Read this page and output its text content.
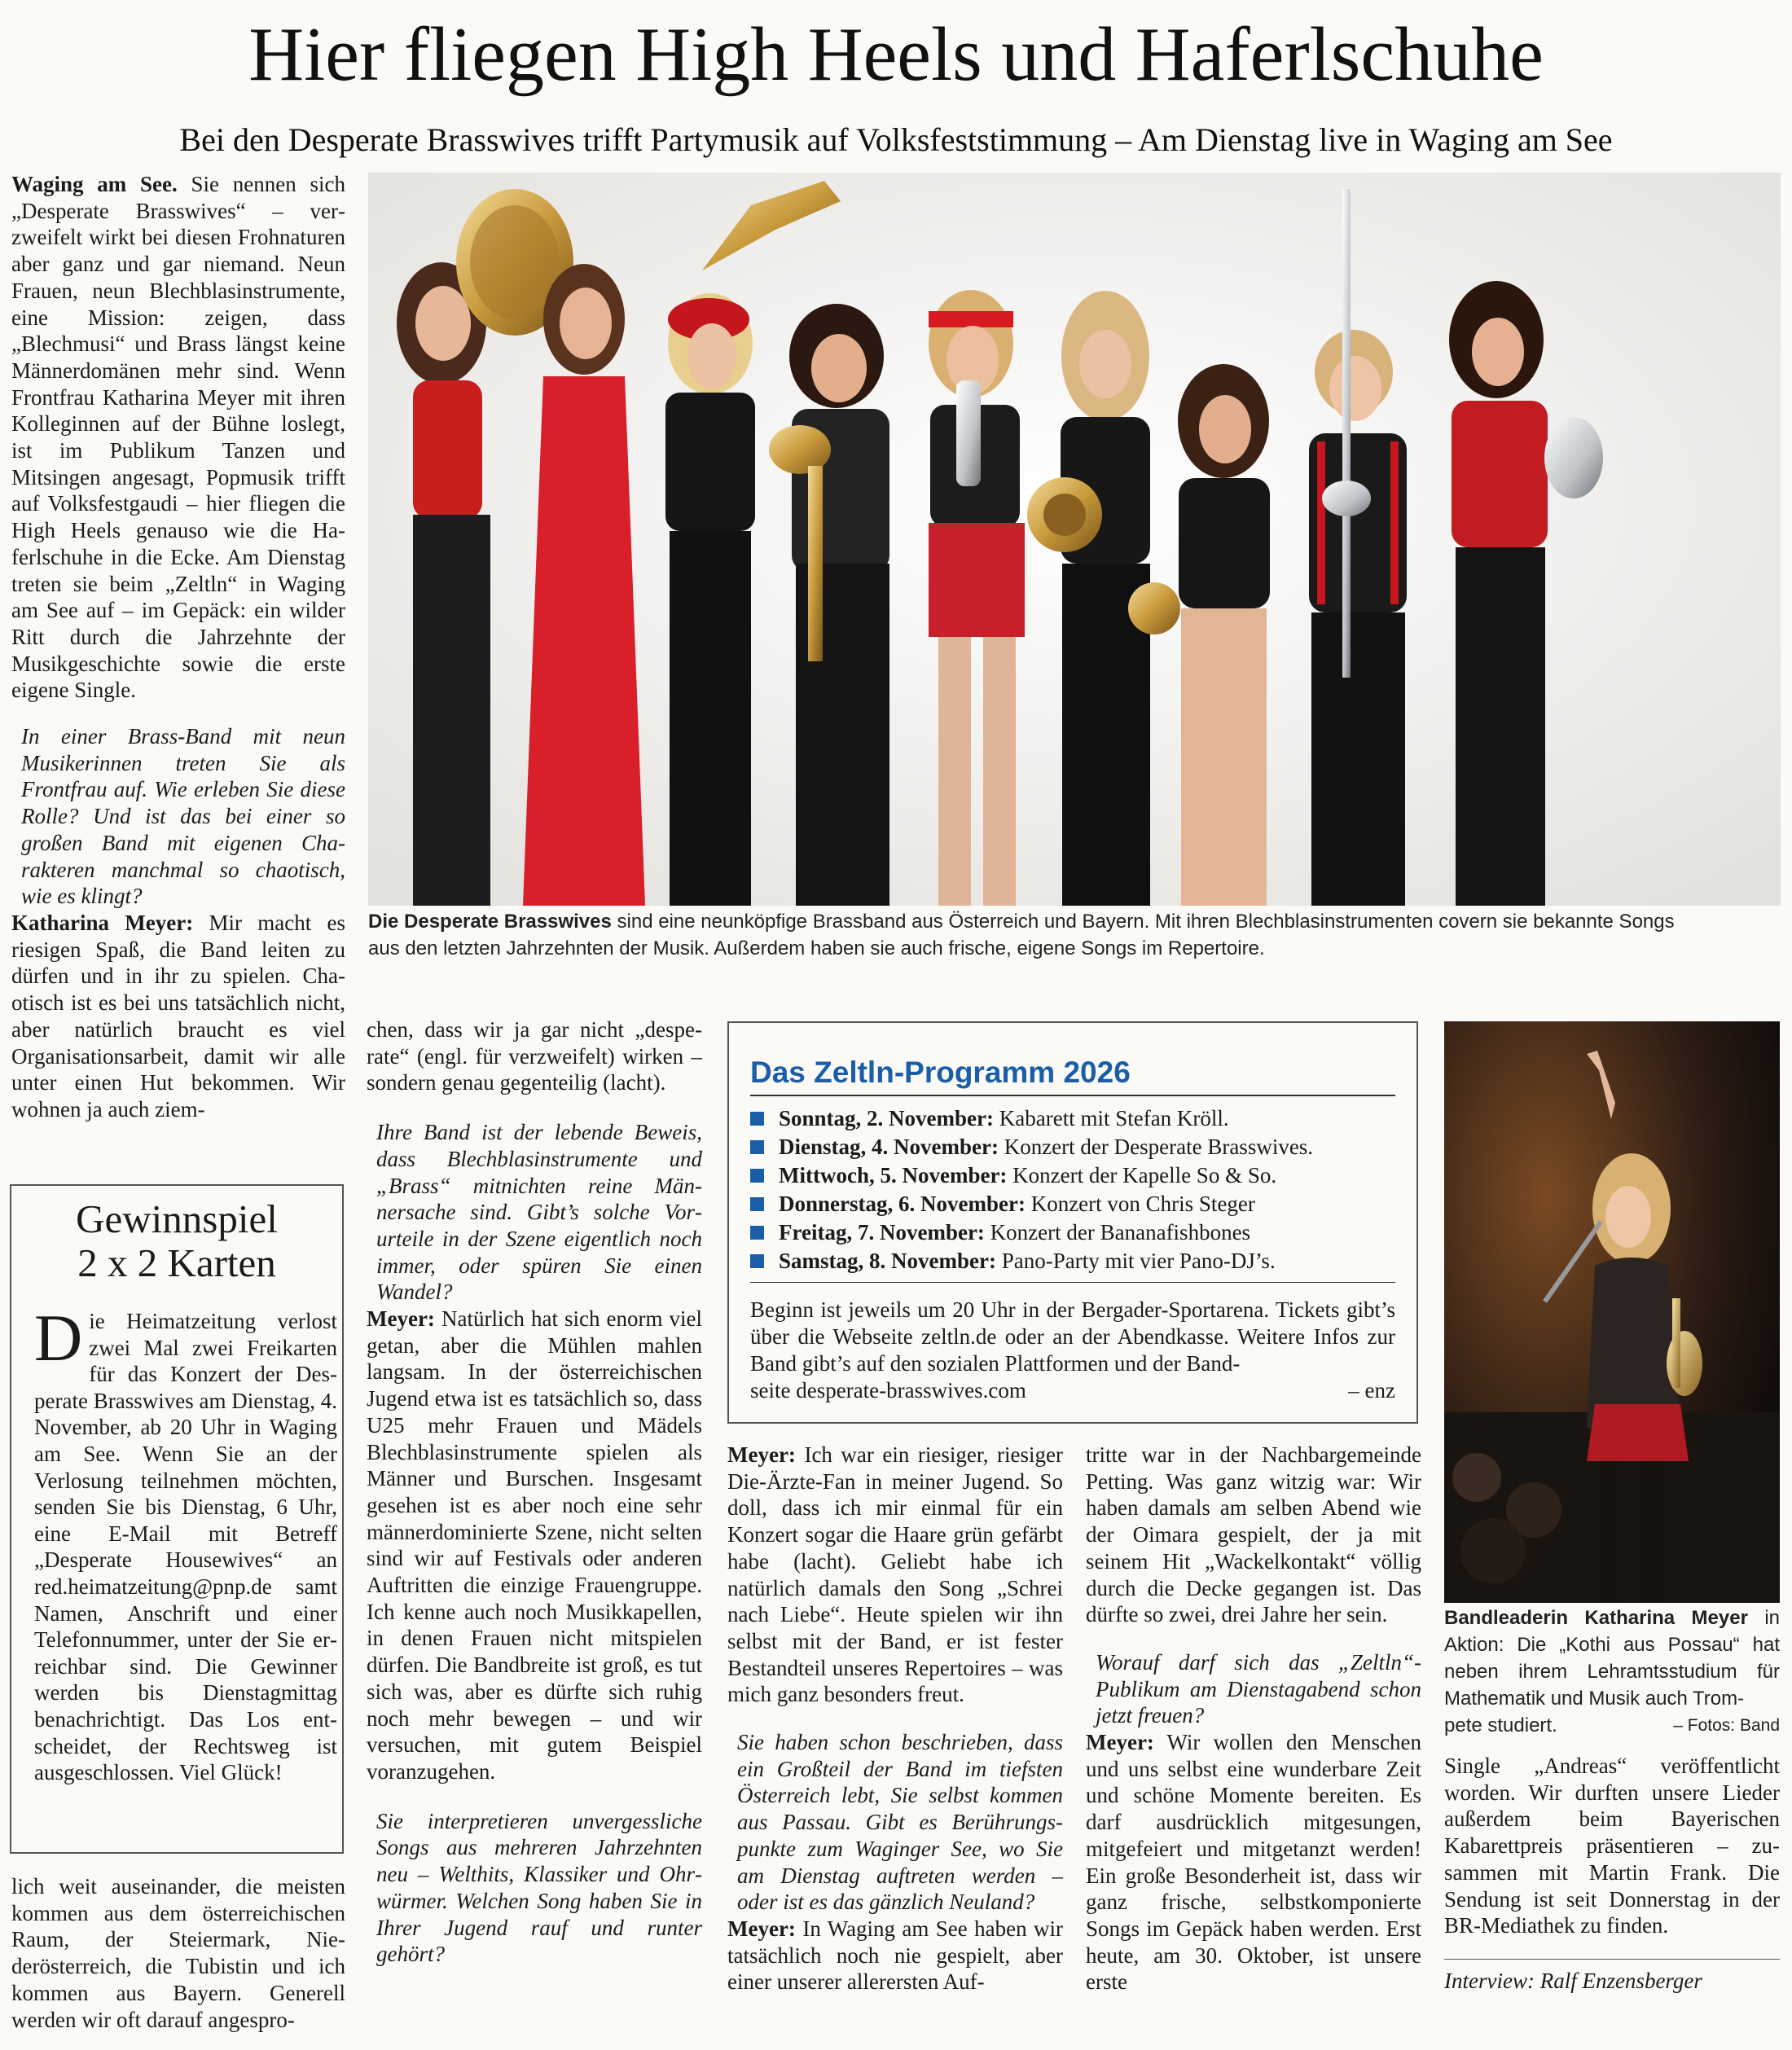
Hier fliegen High Heels und Haferlschuhe
Bei den Desperate Brasswives trifft Partymusik auf Volksfeststimmung – Am Dienstag live in Waging am See

Waging am See. Sie nennen sich „Desperate Brasswives“ – verzweifelt wirkt bei diesen Frohnaturen aber ganz und gar niemand. Neun Frauen, neun Blechblasinstrumente, eine Mission: zeigen, dass „Blechmusi“ und Brass längst keine Männerdomänen mehr sind. Wenn Frontfrau Katharina Meyer mit ihren Kolleginnen auf der Bühne loslegt, ist im Publikum Tanzen und Mitsingen angesagt, Popmusik trifft auf Volksfestgaudi – hier fliegen die High Heels genauso wie die Haferlschuhe in die Ecke. Am Dienstag treten sie beim „Zeltln“ in Waging am See auf – im Gepäck: ein wilder Ritt durch die Jahrzehnte der Musikgeschichte sowie die erste eigene Single.

In einer Brass-Band mit neun Musikerinnen treten Sie als Frontfrau auf. Wie erleben Sie diese Rolle? Und ist das bei einer so großen Band mit eigenen Charakteren manchmal so chaotisch, wie es klingt?

Katharina Meyer: Mir macht es riesigen Spaß, die Band leiten zu dürfen und in ihr zu spielen. Chaotisch ist es bei uns tatsächlich nicht, aber natürlich braucht es viel Organisationsarbeit, damit wir alle unter einen Hut bekommen. Wir wohnen ja auch ziem-

Gewinnspiel
2 x 2 Karten
Die Heimatzeitung verlost zwei Mal zwei Freikarten für das Konzert der Desperate Brasswives am Dienstag, 4. November, ab 20 Uhr in Waging am See. Wenn Sie an der Verlosung teilnehmen möchten, senden Sie bis Dienstag, 6 Uhr, eine E-Mail mit Betreff „Desperate Housewives“ an red.heimatzeitung@pnp.de samt Namen, Anschrift und einer Telefonnummer, unter der Sie erreichbar sind. Die Gewinner werden bis Dienstagmittag benachrichtigt. Das Los entscheidet, der Rechtsweg ist ausgeschlossen. Viel Glück!

lich weit auseinander, die meisten kommen aus dem österreichischen Raum, der Steiermark, Niederösterreich, die Tubistin und ich kommen aus Bayern. Generell werden wir oft darauf angespro-

Die Desperate Brasswives sind eine neunköpfige Brassband aus Österreich und Bayern. Mit ihren Blechblasinstrumenten covern sie bekannte Songs
aus den letzten Jahrzehnten der Musik. Außerdem haben sie auch frische, eigene Songs im Repertoire.

chen, dass wir ja gar nicht „desperate“ (engl. für verzweifelt) wirken – sondern genau gegenteilig (lacht).

Ihre Band ist der lebende Beweis, dass Blechblasinstrumente und „Brass“ mitnichten reine Männersache sind. Gibt’s solche Vorurteile in der Szene eigentlich noch immer, oder spüren Sie einen Wandel?

Meyer: Natürlich hat sich enorm viel getan, aber die Mühlen mahlen langsam. In der österreichischen Jugend etwa ist es tatsächlich so, dass U25 mehr Frauen und Mädels Blechblasinstrumente spielen als Männer und Burschen. Insgesamt gesehen ist es aber noch eine sehr männerdominierte Szene, nicht selten sind wir auf Festivals oder anderen Auftritten die einzige Frauengruppe. Ich kenne auch noch Musikkapellen, in denen Frauen nicht mitspielen dürfen. Die Bandbreite ist groß, es tut sich was, aber es dürfte sich ruhig noch mehr bewegen – und wir versuchen, mit gutem Beispiel voranzugehen.

Sie interpretieren unvergessliche Songs aus mehreren Jahrzehnten neu – Welthits, Klassiker und Ohrwürmer. Welchen Song haben Sie in Ihrer Jugend rauf und runter gehört?

Das Zeltln-Programm 2026
Sonntag, 2. November: Kabarett mit Stefan Kröll.
Dienstag, 4. November: Konzert der Desperate Brasswives.
Mittwoch, 5. November: Konzert der Kapelle So & So.
Donnerstag, 6. November: Konzert von Chris Steger
Freitag, 7. November: Konzert der Bananafishbones
Samstag, 8. November: Pano-Party mit vier Pano-DJ’s.
Beginn ist jeweils um 20 Uhr in der Bergader-Sportarena. Tickets gibt’s über die Webseite zeltln.de oder an der Abendkasse. Weitere Infos zur Band gibt’s auf den sozialen Plattformen und der Band-
seite desperate-brasswives.com	– enz

Meyer: Ich war ein riesiger, riesiger Die-Ärzte-Fan in meiner Jugend. So doll, dass ich mir einmal für ein Konzert sogar die Haare grün gefärbt habe (lacht). Geliebt habe ich natürlich damals den Song „Schrei nach Liebe“. Heute spielen wir ihn selbst mit der Band, er ist fester Bestandteil unseres Repertoires – was mich ganz besonders freut.

Sie haben schon beschrieben, dass ein Großteil der Band im tiefsten Österreich lebt, Sie selbst kommen aus Passau. Gibt es Berührungspunkte zum Waginger See, wo Sie am Dienstag auftreten werden – oder ist es das gänzlich Neuland?

Meyer: In Waging am See haben wir tatsächlich noch nie gespielt, aber einer unserer allerersten Auf-

tritte war in der Nachbargemeinde Petting. Was ganz witzig war: Wir haben damals am selben Abend wie der Oimara gespielt, der ja mit seinem Hit „Wackelkontakt“ völlig durch die Decke gegangen ist. Das dürfte so zwei, drei Jahre her sein.

Worauf darf sich das „Zeltln“Publikum am Dienstagabend schon jetzt freuen?

Meyer: Wir wollen den Menschen und uns selbst eine wunderbare Zeit und schöne Momente bereiten. Es darf ausdrücklich mitgesungen, mitgefeiert und mitgetanzt werden! Ein große Besonderheit ist, dass wir ganz frische, selbstkomponierte Songs im Gepäck haben werden. Erst heute, am 30. Oktober, ist unsere erste

Bandleaderin Katharina Meyer in Aktion: Die „Kothi aus Possau“ hat neben ihrem Lehramtsstudium für Mathematik und Musik auch Trom-
pete studiert.	– Fotos: Band

Single „Andreas“ veröffentlicht worden. Wir durften unsere Lieder außerdem beim Bayerischen Kabarettpreis präsentieren – zusammen mit Martin Frank. Die Sendung ist seit Donnerstag in der BR-Mediathek zu finden.

Interview: Ralf Enzensberger
